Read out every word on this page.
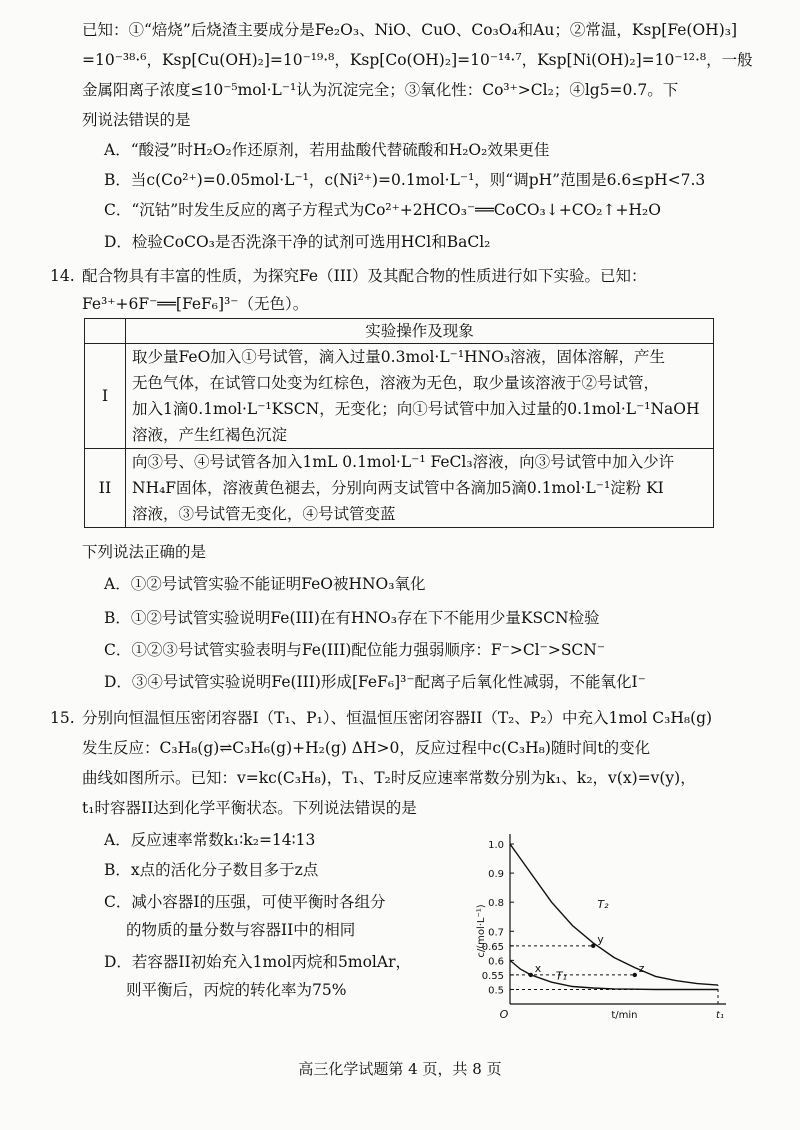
已知：①“焙烧”后烧渣主要成分是Fe₂O₃、NiO、CuO、Co₃O₄和Au；②常温，Ksp[Fe(OH)₃]
=10⁻³⁸·⁶，Ksp[Cu(OH)₂]=10⁻¹⁹·⁸，Ksp[Co(OH)₂]=10⁻¹⁴·⁷，Ksp[Ni(OH)₂]=10⁻¹²·⁸，一般
金属阳离子浓度≤10⁻⁵mol·L⁻¹认为沉淀完全；③氧化性：Co³⁺>Cl₂；④lg5=0.7。下
列说法错误的是
A．“酸浸”时H₂O₂作还原剂，若用盐酸代替硫酸和H₂O₂效果更佳
B．当c(Co²⁺)=0.05mol·L⁻¹，c(Ni²⁺)=0.1mol·L⁻¹，则“调pH”范围是6.6≤pH<7.3
C．“沉钴”时发生反应的离子方程式为Co²⁺+2HCO₃⁻══CoCO₃↓+CO₂↑+H₂O
D．检验CoCO₃是否洗涤干净的试剂可选用HCl和BaCl₂
14. 配合物具有丰富的性质，为探究Fe（III）及其配合物的性质进行如下实验。已知：
Fe³⁺+6F⁻══[FeF₆]³⁻（无色）。
	实验操作及现象
I	取少量FeO加入①号试管，滴入过量0.3mol·L⁻¹HNO₃溶液，固体溶解，产生
无色气体，在试管口处变为红棕色，溶液为无色，取少量该溶液于②号试管，
加入1滴0.1mol·L⁻¹KSCN，无变化；向①号试管中加入过量的0.1mol·L⁻¹NaOH
溶液，产生红褐色沉淀

II	向③号、④号试管各加入1mL 0.1mol·L⁻¹ FeCl₃溶液，向③号试管中加入少许
NH₄F固体，溶液黄色褪去，分别向两支试管中各滴加5滴0.1mol·L⁻¹淀粉 KI
溶液，③号试管无变化，④号试管变蓝
下列说法正确的是
A．①②号试管实验不能证明FeO被HNO₃氧化
B．①②号试管实验说明Fe(III)在有HNO₃存在下不能用少量KSCN检验
C．①②③号试管实验表明与Fe(III)配位能力强弱顺序：F⁻>Cl⁻>SCN⁻
D．③④号试管实验说明Fe(III)形成[FeF₆]³⁻配离子后氧化性减弱，不能氧化I⁻
15. 分别向恒温恒压密闭容器I（T₁、P₁）、恒温恒压密闭容器II（T₂、P₂）中充入1mol C₃H₈(g)
发生反应：C₃H₈(g)⇌C₃H₆(g)+H₂(g) ΔH>0，反应过程中c(C₃H₈)随时间t的变化
曲线如图所示。已知：v=kc(C₃H₈)，T₁、T₂时反应速率常数分别为k₁、k₂，v(x)=v(y)，
t₁时容器II达到化学平衡状态。下列说法错误的是
A．反应速率常数k₁∶k₂=14∶13
B．x点的活化分子数目多于z点
C．减小容器I的压强，可使平衡时各组分
的物质的量分数与容器II中的相同
D．若容器II初始充入1mol丙烷和5molAr，
则平衡后，丙烷的转化率为75%
1.0
0.9
0.8
0.7
0.65
0.6
0.55
0.5
c/(mol·L⁻¹)
t/min
O	t₁
T₂
T₁
y
x	z
高三化学试题第 4 页，共 8 页
